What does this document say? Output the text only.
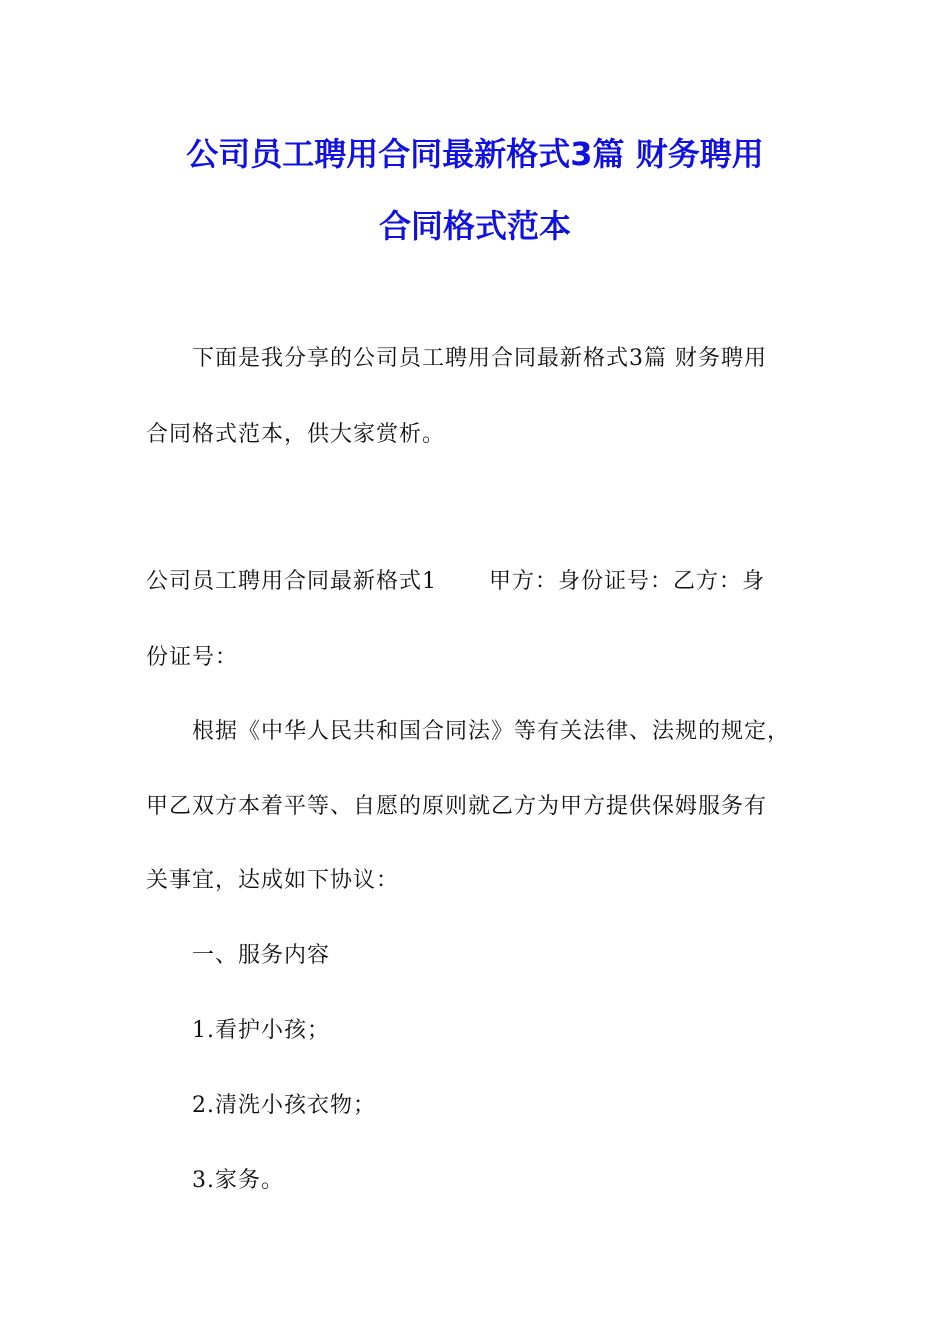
公司员工聘用合同最新格式3篇 财务聘用
合同格式范本
下面是我分享的公司员工聘用合同最新格式3篇 财务聘用
合同格式范本，供大家赏析。
公司员工聘用合同最新格式1 甲方：身份证号：乙方：身
份证号：
根据《中华人民共和国合同法》等有关法律、法规的规定，
甲乙双方本着平等、自愿的原则就乙方为甲方提供保姆服务有
关事宜，达成如下协议：
一、服务内容
1.看护小孩；
2.清洗小孩衣物；
3.家务。
